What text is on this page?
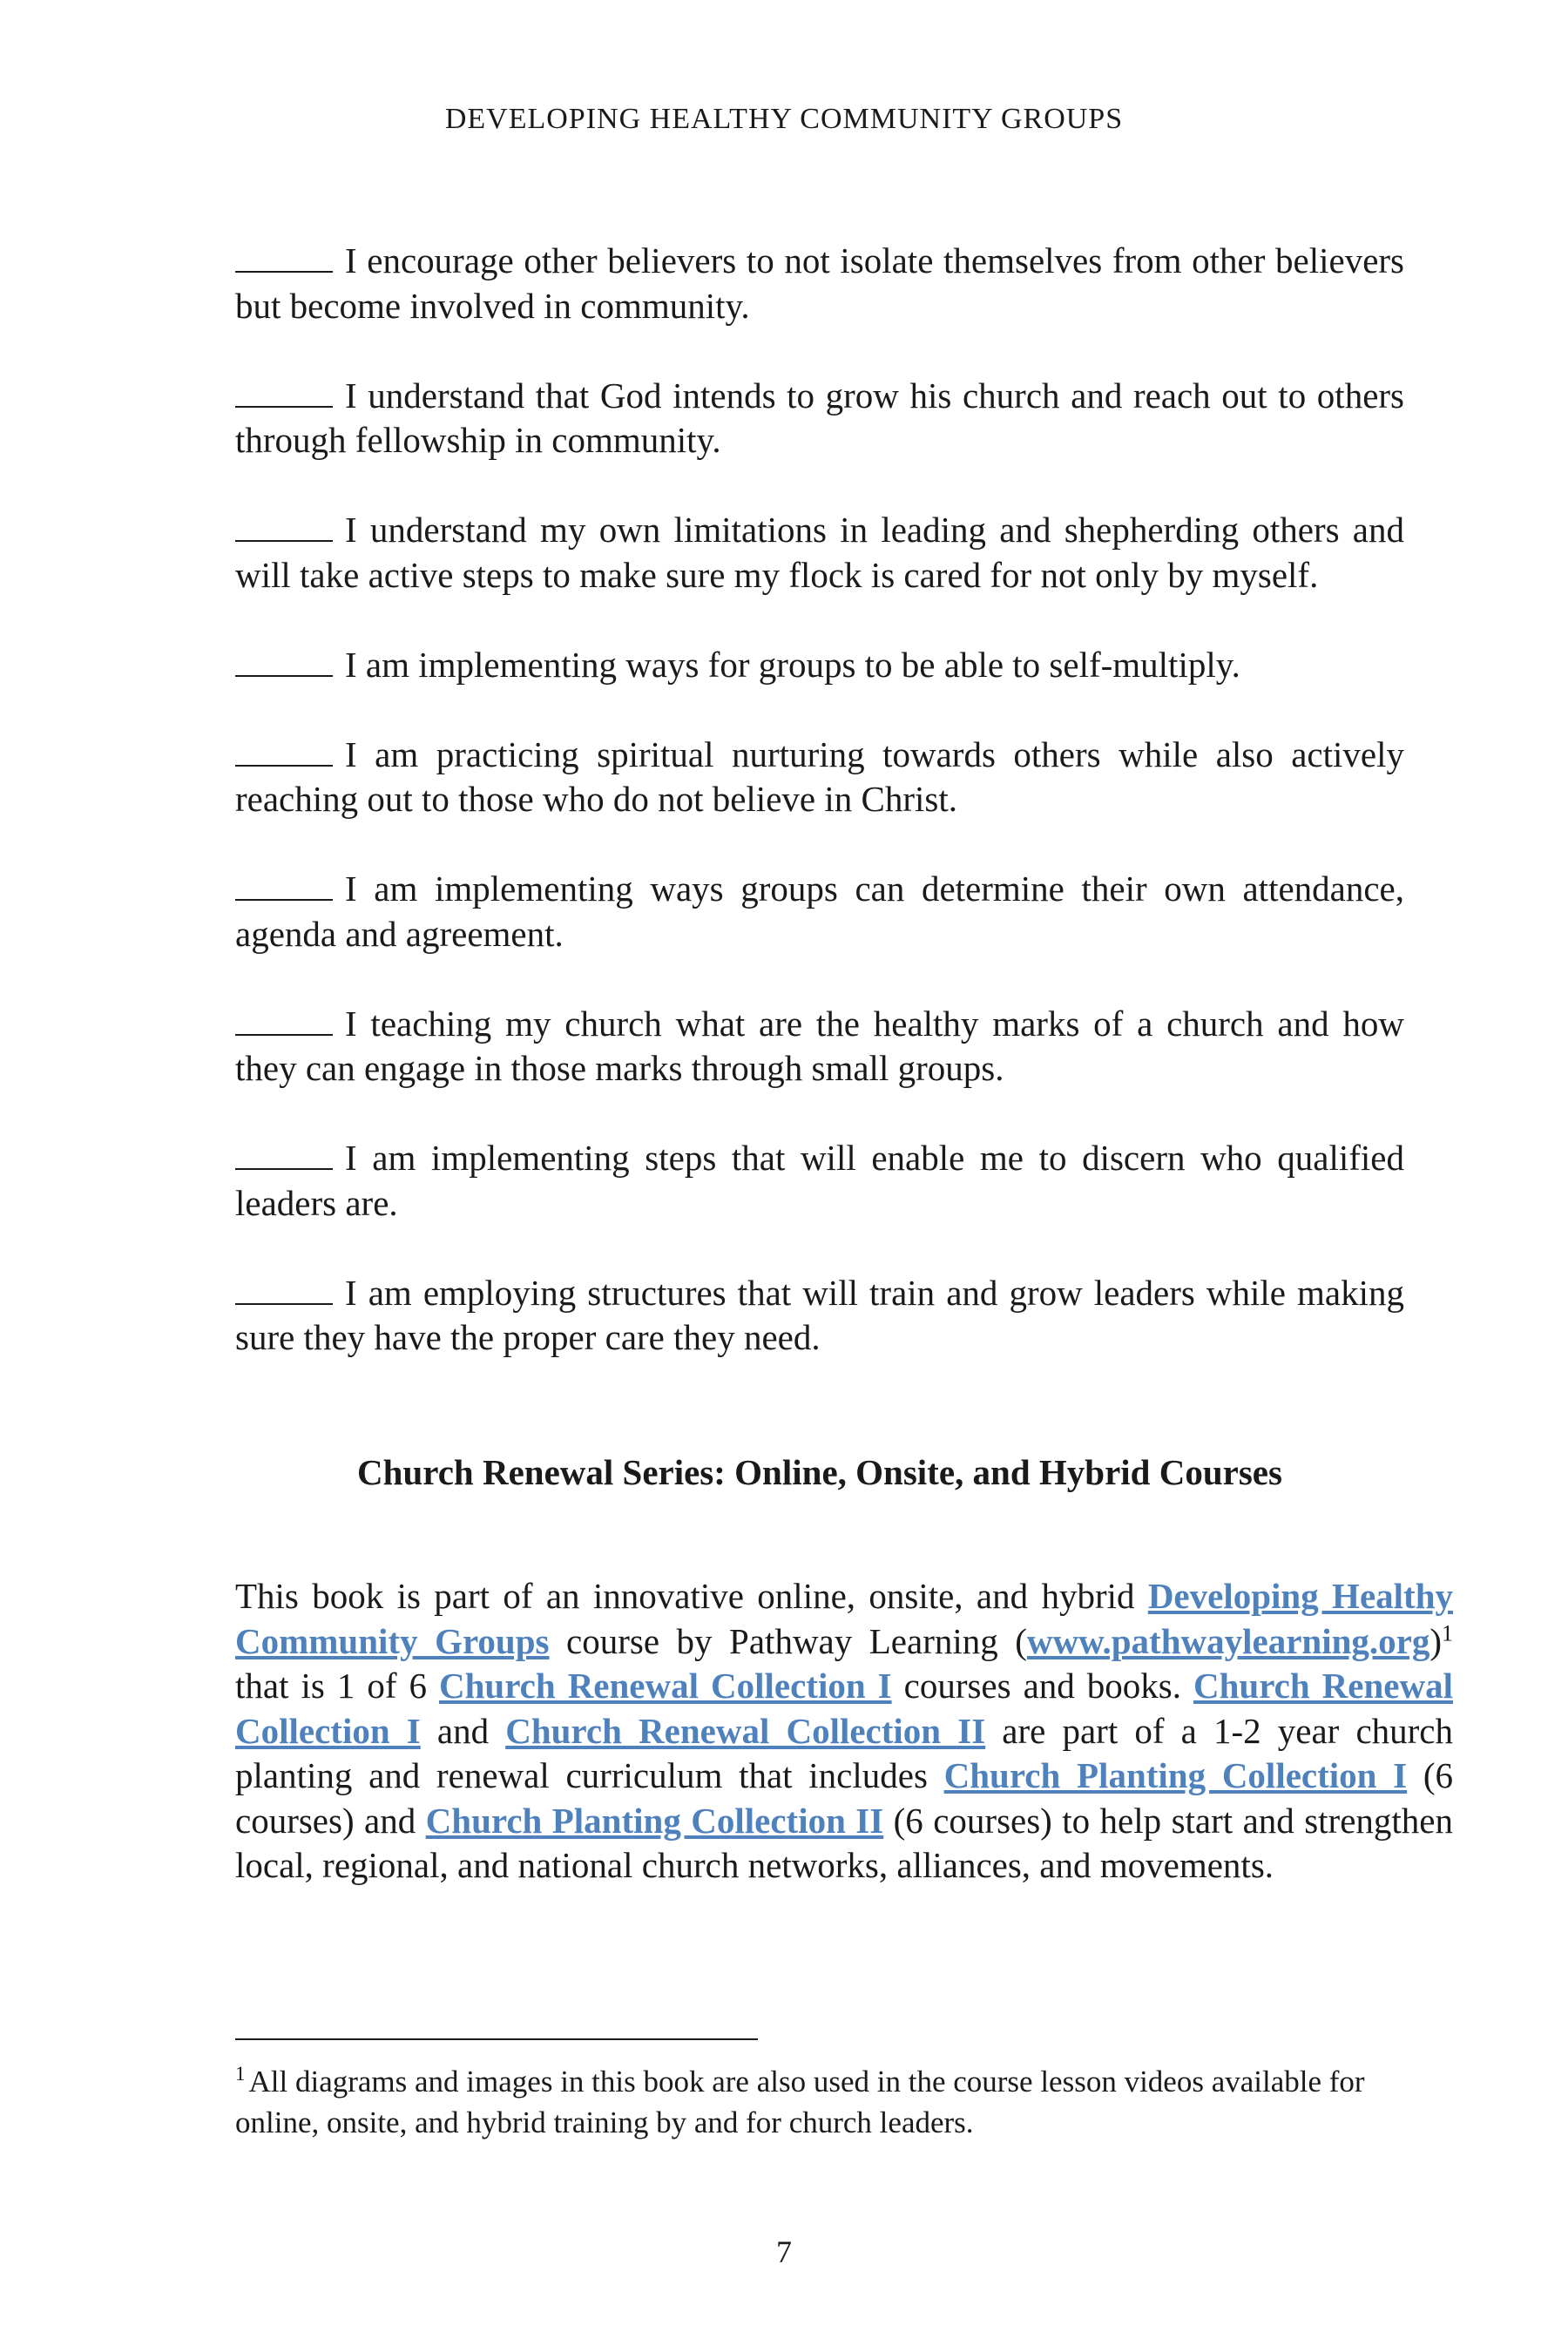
DEVELOPING HEALTHY COMMUNITY GROUPS

I encourage other believers to not isolate themselves from other believers but become involved in community.

I understand that God intends to grow his church and reach out to others through fellowship in community.

I understand my own limitations in leading and shepherding others and will take active steps to make sure my flock is cared for not only by myself.

I am implementing ways for groups to be able to self-multiply.

I am practicing spiritual nurturing towards others while also actively reaching out to those who do not believe in Christ.

I am implementing ways groups can determine their own attendance, agenda and agreement.

I teaching my church what are the healthy marks of a church and how they can engage in those marks through small groups.

I am implementing steps that will enable me to discern who qualified leaders are.

I am employing structures that will train and grow leaders while making sure they have the proper care they need.

Church Renewal Series: Online, Onsite, and Hybrid Courses

This book is part of an innovative online, onsite, and hybrid Developing Healthy Community Groups course by Pathway Learning (www.pathwaylearning.org)$^1$ that is 1 of 6 Church Renewal Collection I courses and books. Church Renewal Collection I and Church Renewal Collection II are part of a 1-2 year church planting and renewal curriculum that includes Church Planting Collection I (6 courses) and Church Planting Collection II (6 courses) to help start and strengthen local, regional, and national church networks, alliances, and movements.

$^1$ All diagrams and images in this book are also used in the course lesson videos available for online, onsite, and hybrid training by and for church leaders.
7
